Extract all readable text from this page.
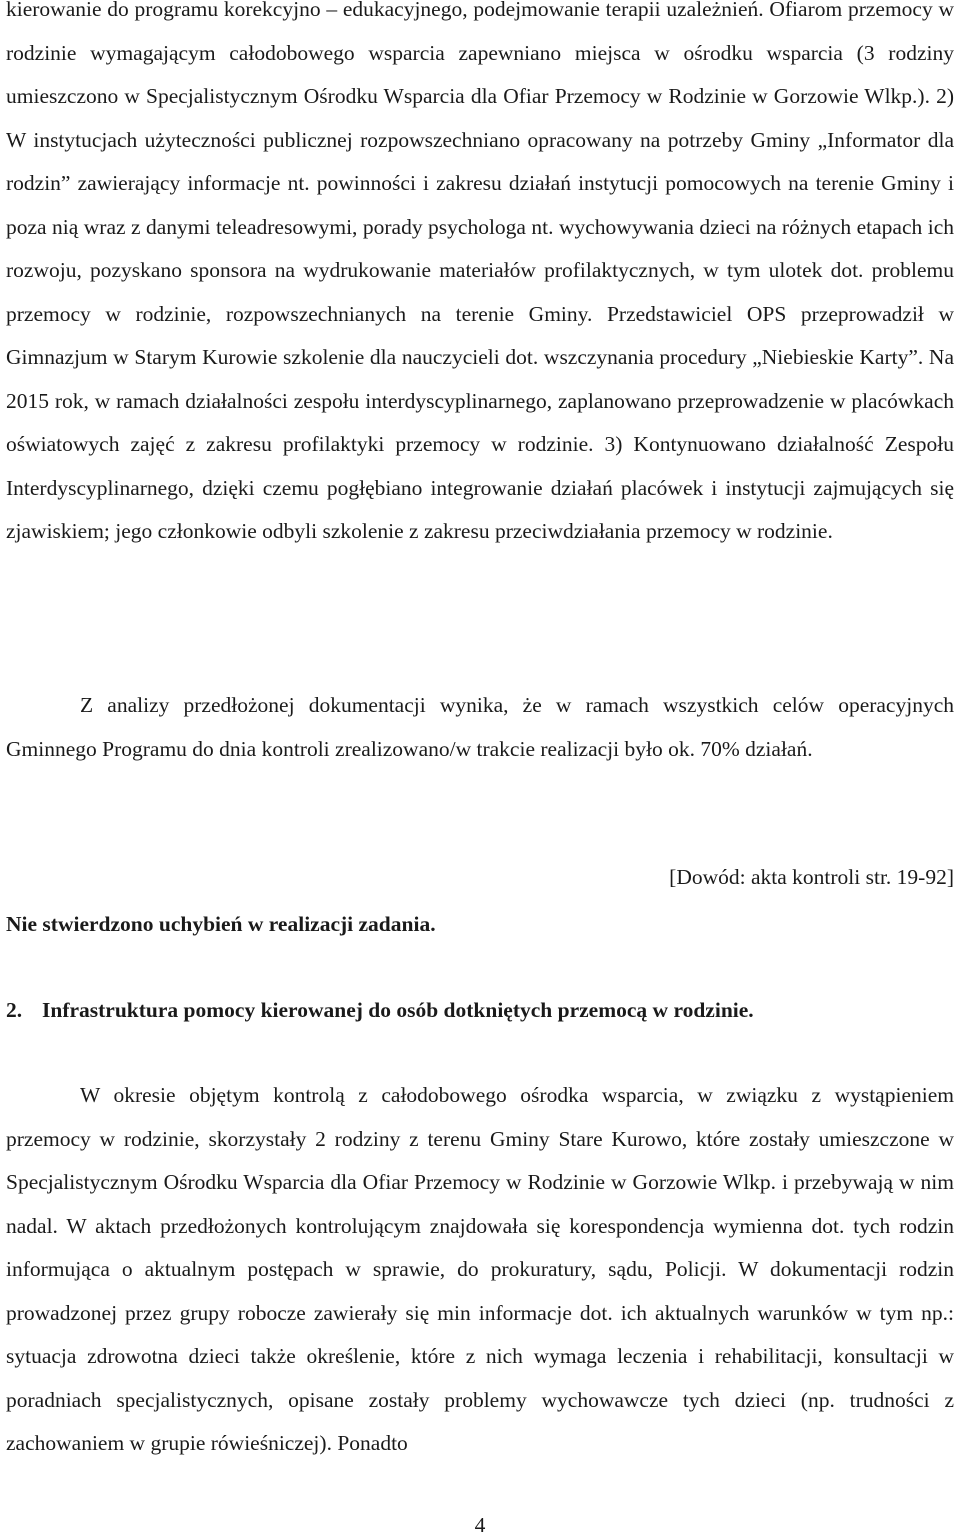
kierowanie do programu korekcyjno – edukacyjnego, podejmowanie terapii uzależnień. Ofiarom przemocy w rodzinie wymagającym całodobowego wsparcia zapewniano miejsca w ośrodku wsparcia (3 rodziny umieszczono w Specjalistycznym Ośrodku Wsparcia dla Ofiar Przemocy w Rodzinie w Gorzowie Wlkp.). 2) W instytucjach użyteczności publicznej rozpowszechniano opracowany na potrzeby Gminy „Informator dla rodzin” zawierający informacje nt. powinności i zakresu działań instytucji pomocowych na terenie Gminy i poza nią wraz z danymi teleadresowymi, porady psychologa nt. wychowywania dzieci na różnych etapach ich rozwoju, pozyskano sponsora na wydrukowanie materiałów profilaktycznych, w tym ulotek dot. problemu przemocy w rodzinie, rozpowszechnianych na terenie Gminy. Przedstawiciel OPS przeprowadził w Gimnazjum w Starym Kurowie szkolenie dla nauczycieli dot. wszczynania procedury „Niebieskie Karty”. Na 2015 rok, w ramach działalności zespołu interdyscyplinarnego, zaplanowano przeprowadzenie w placówkach oświatowych zajęć z zakresu profilaktyki przemocy w rodzinie. 3) Kontynuowano działalność Zespołu Interdyscyplinarnego, dzięki czemu pogłębiano integrowanie działań placówek i instytucji zajmujących się zjawiskiem; jego członkowie odbyli szkolenie z zakresu przeciwdziałania przemocy w rodzinie.

Z analizy przedłożonej dokumentacji wynika, że w ramach wszystkich celów operacyjnych Gminnego Programu do dnia kontroli zrealizowano/w trakcie realizacji było ok. 70% działań.

[Dowód: akta kontroli str. 19-92]
Nie stwierdzono uchybień w realizacji zadania.
2. Infrastruktura pomocy kierowanej do osób dotkniętych przemocą w rodzinie.

W okresie objętym kontrolą z całodobowego ośrodka wsparcia, w związku z wystąpieniem przemocy w rodzinie, skorzystały 2 rodziny z terenu Gminy Stare Kurowo, które zostały umieszczone w Specjalistycznym Ośrodku Wsparcia dla Ofiar Przemocy w Rodzinie w Gorzowie Wlkp. i przebywają w nim nadal. W aktach przedłożonych kontrolującym znajdowała się korespondencja wymienna dot. tych rodzin informująca o aktualnym postępach w sprawie, do prokuratury, sądu, Policji. W dokumentacji rodzin prowadzonej przez grupy robocze zawierały się min informacje dot. ich aktualnych warunków w tym np.: sytuacja zdrowotna dzieci także określenie, które z nich wymaga leczenia i rehabilitacji, konsultacji w poradniach specjalistycznych, opisane zostały problemy wychowawcze tych dzieci (np. trudności z zachowaniem w grupie rówieśniczej). Ponadto

4
